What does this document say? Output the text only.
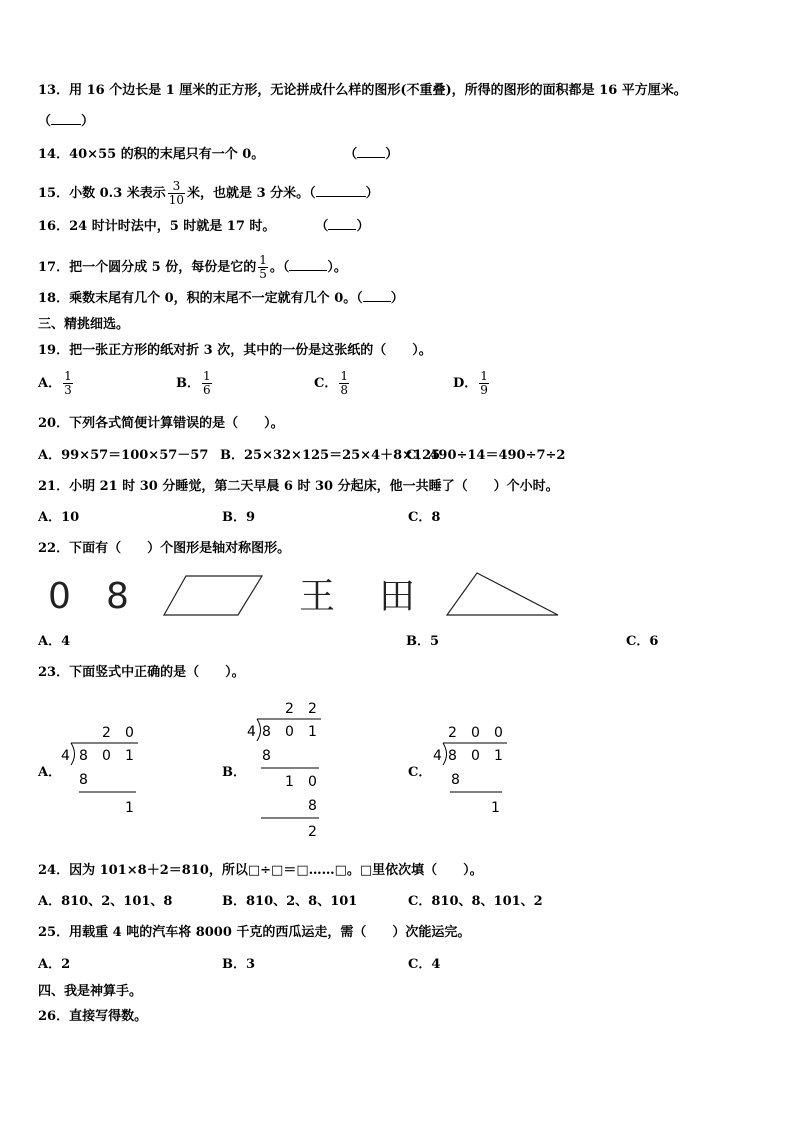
13．用 16 个边长是 1 厘米的正方形，无论拼成什么样的图形(不重叠)，所得的图形的面积都是 16 平方厘米。
（ ）
14．40×55 的积的末尾只有一个 0。	（ ）
15．小数 0.3 米表示 $\frac{3}{10}$ 米，也就是 3 分米。（	）
16．24 时计时法中，5 时就是 17 时。	（ ）
17．把一个圆分成 5 份，每份是它的 $\frac{1}{5}$ 。（	）。
18．乘数末尾有几个 0，积的末尾不一定就有几个 0。（ ）
三、精挑细选。
19．把一张正方形的纸对折 3 次，其中的一份是这张纸的（　　）。
A． $\frac{1}{3}$	B． $\frac{1}{6}$	C． $\frac{1}{8}$	D． $\frac{1}{9}$
20．下列各式简便计算错误的是（　　）。
A．99×57＝100×57－57 B．25×32×125＝25×4＋8×125
C．490÷14＝490÷7÷2
21．小明 21 时 30 分睡觉，第二天早晨 6 时 30 分起床，他一共睡了（　　）个小时。
A．10	B．9	C．8
22．下面有（　　）个图形是轴对称图形。
0 8	王 田
A．4	B．5	C．6
23．下面竖式中正确的是（　　）。
A．
2 0
4 8 0 1
8
1
B．
2 2
4 8 0 1
8
1 0
8
2
C．
2 0 0
4 8 0 1
8
1
24．因为 101×8＋2＝810，所以□÷□＝□……□。□里依次填（　　）。
A．810、2、101、8	B．810、2、8、101	C．810、8、101、2
25．用载重 4 吨的汽车将 8000 千克的西瓜运走，需（　　）次能运完。
A．2	B．3	C．4
四、我是神算手。
26．直接写得数。
